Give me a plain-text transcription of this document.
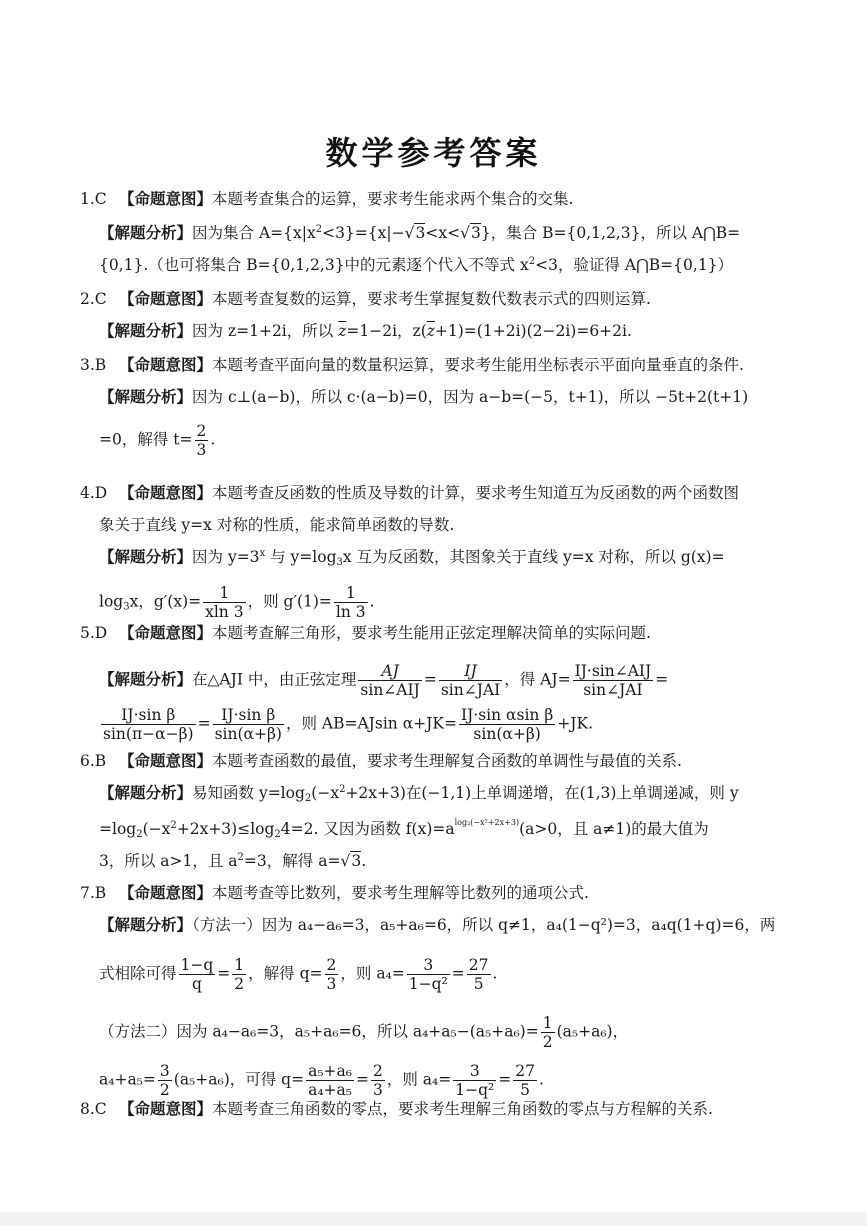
数学参考答案
1.C 【命题意图】本题考查集合的运算，要求考生能求两个集合的交集.
【解题分析】因为集合 $A=\{x|x^2<3\}=\{x|-√3<x<√3\}$，集合 B={0,1,2,3}，所以 A⋂B=
{0,1}.（也可将集合 B={0,1,2,3}中的元素逐个代入不等式 $x^2<3$，验证得 A⋂B={0,1}）
2.C 【命题意图】本题考查复数的运算，要求考生掌握复数代数表示式的四则运算.
【解题分析】因为 z=1+2i，所以 $\overline{z}=1-2i$，$z(\overline{z}+1)=(1+2i)(2-2i)=6+2i$.
3.B 【命题意图】本题考查平面向量的数量积运算，要求考生能用坐标表示平面向量垂直的条件.
【解题分析】因为 c⊥(a−b)，所以 c·(a−b)=0，因为 a−b=(−5，t+1)，所以 −5t+2(t+1)
=0，解得 $t= \frac{2}{3}$ .
4.D 【命题意图】本题考查反函数的性质及导数的计算，要求考生知道互为反函数的两个函数图
象关于直线 y=x 对称的性质，能求简单函数的导数.
【解题分析】因为 $y=3^x$ 与 $y=\log_3x$ 互为反函数，其图象关于直线 y=x 对称，所以 g(x)=
$\log_3x$，$g'(x)= \frac{1}{xln 3}$ ，则 $g'(1)= \frac{1}{\ln 3}$ .
5.D 【命题意图】本题考查解三角形，要求考生能用正弦定理解决简单的实际问题.
【解题分析】在△AJI 中，由正弦定理 $\frac{AJ}{\text{sin∠AIJ}} = \frac{IJ}{\text{sin∠JAI}}$ ，得 $AJ= \frac{\text{IJ·sin∠AIJ}}{\text{sin∠JAI}}$ =
$\frac{\text{IJ·sin β}}{\sin(\pi-\alpha-\beta)} = \frac{\text{IJ·sin β}}{\sin(\alpha+\beta)}$ ，则 AB=AJsin $\alpha+JK= \frac{\text{IJ·sin αsin β}}{\sin(\alpha+\beta)} +JK$.
6.B 【命题意图】本题考查函数的最值，要求考生理解复合函数的单调性与最值的关系.
【解题分析】易知函数 $y=\log_2(-x^2+2x+3)$在(−1,1)上单调递增，在(1,3)上单调递减，则 y
$=\log_2(-x^2+2x+3)\le\log_24=2$. 又因为函数 $f(x)=a^{log_2(-x^2+2x+3)}(a>0$，且 a≠1)的最大值为
3，所以 a>1，且 $a^2=3$，解得 a=√3.
7.B 【命题意图】本题考查等比数列，要求考生理解等比数列的通项公式.
【解题分析】（方法一）因为 a₄−a₆=3，a₅+a₆=6，所以 q≠1，a₄(1−q²)=3，a₄q(1+q)=6，两
式相除可得 $\frac{1-q}{q} = \frac{1}{2}$ ，解得 $q= \frac{2}{3}$ ，则 $a_4= \frac{3}{\text{1−q²}} = \frac{27}{5}$ .
（方法二）因为 a₄−a₆=3，a₅+a₆=6，所以 $a_4+a_5-(a_5+a_6)= \frac{1}{2} (a_5+a_6)$，
$a_4+a_5= \frac{3}{2} (a_5+a_6)$，可得 $q= \frac{\text{a₅+a₆}}{\text{a₄+a₅}} = \frac{2}{3}$ ，则 $a_4= \frac{3}{\text{1−q²}} = \frac{27}{5}$ .
8.C 【命题意图】本题考查三角函数的零点，要求考生理解三角函数的零点与方程解的关系.
